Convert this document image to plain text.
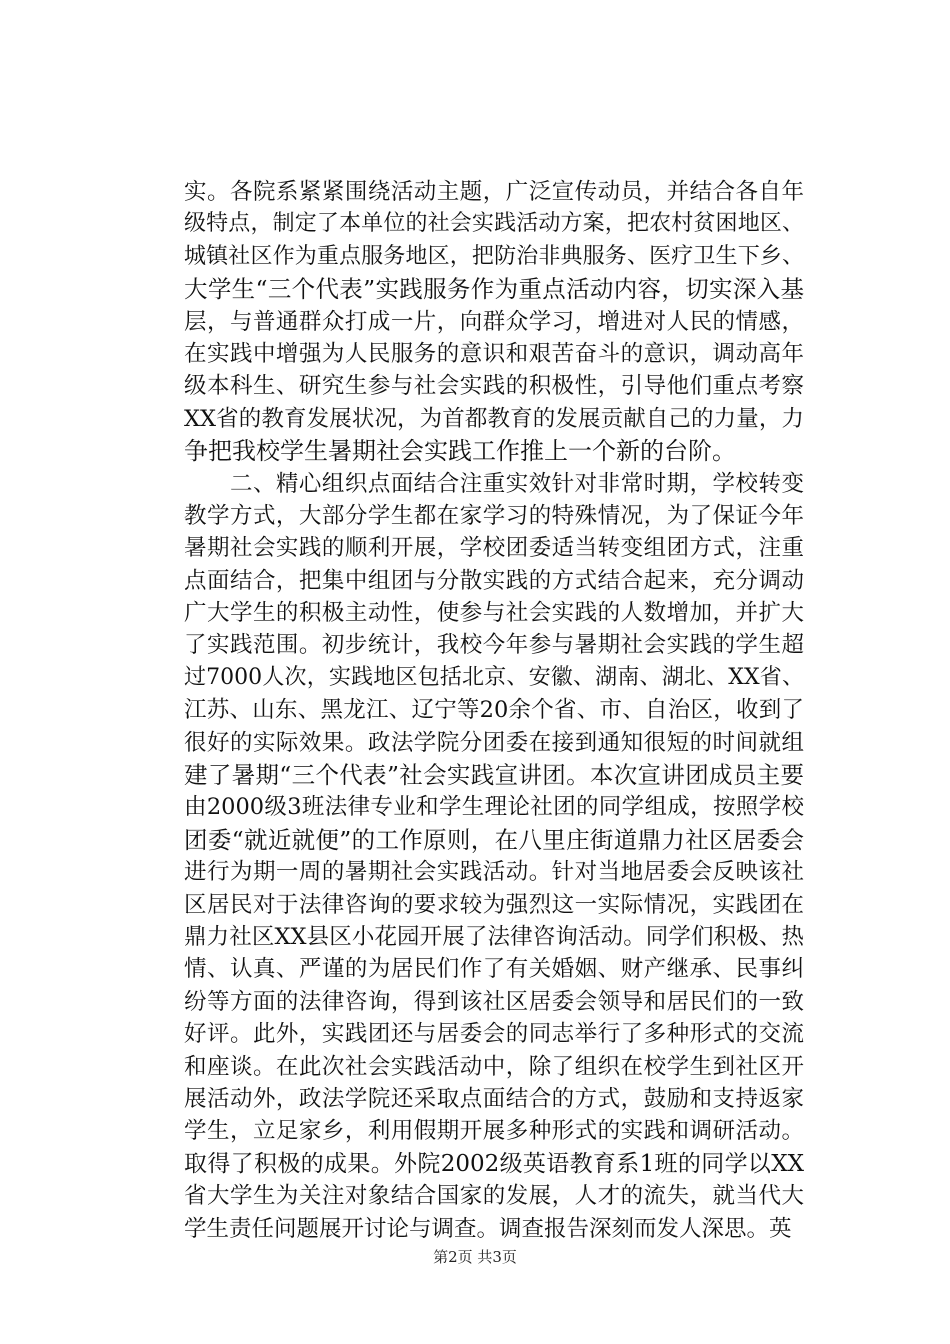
实。各院系紧紧围绕活动主题，广泛宣传动员，并结合各自年
级特点，制定了本单位的社会实践活动方案，把农村贫困地区、
城镇社区作为重点服务地区，把防治非典服务、医疗卫生下乡、
大学生“三个代表”实践服务作为重点活动内容，切实深入基
层，与普通群众打成一片，向群众学习，增进对人民的情感，
在实践中增强为人民服务的意识和艰苦奋斗的意识，调动高年
级本科生、研究生参与社会实践的积极性，引导他们重点考察
XX省的教育发展状况，为首都教育的发展贡献自己的力量，力
争把我校学生暑期社会实践工作推上一个新的台阶。
　　二、精心组织点面结合注重实效针对非常时期，学校转变
教学方式，大部分学生都在家学习的特殊情况，为了保证今年
暑期社会实践的顺利开展，学校团委适当转变组团方式，注重
点面结合，把集中组团与分散实践的方式结合起来，充分调动
广大学生的积极主动性，使参与社会实践的人数增加，并扩大
了实践范围。初步统计，我校今年参与暑期社会实践的学生超
过7000人次，实践地区包括北京、安徽、湖南、湖北、XX省、
江苏、山东、黑龙江、辽宁等20余个省、市、自治区，收到了
很好的实际效果。政法学院分团委在接到通知很短的时间就组
建了暑期“三个代表”社会实践宣讲团。本次宣讲团成员主要
由2000级3班法律专业和学生理论社团的同学组成，按照学校
团委“就近就便”的工作原则，在八里庄街道鼎力社区居委会
进行为期一周的暑期社会实践活动。针对当地居委会反映该社
区居民对于法律咨询的要求较为强烈这一实际情况，实践团在
鼎力社区XX县区小花园开展了法律咨询活动。同学们积极、热
情、认真、严谨的为居民们作了有关婚姻、财产继承、民事纠
纷等方面的法律咨询，得到该社区居委会领导和居民们的一致
好评。此外，实践团还与居委会的同志举行了多种形式的交流
和座谈。在此次社会实践活动中，除了组织在校学生到社区开
展活动外，政法学院还采取点面结合的方式，鼓励和支持返家
学生，立足家乡，利用假期开展多种形式的实践和调研活动。
取得了积极的成果。外院2002级英语教育系1班的同学以XX
省大学生为关注对象结合国家的发展，人才的流失，就当代大
学生责任问题展开讨论与调查。调查报告深刻而发人深思。英
第2页 共3页
